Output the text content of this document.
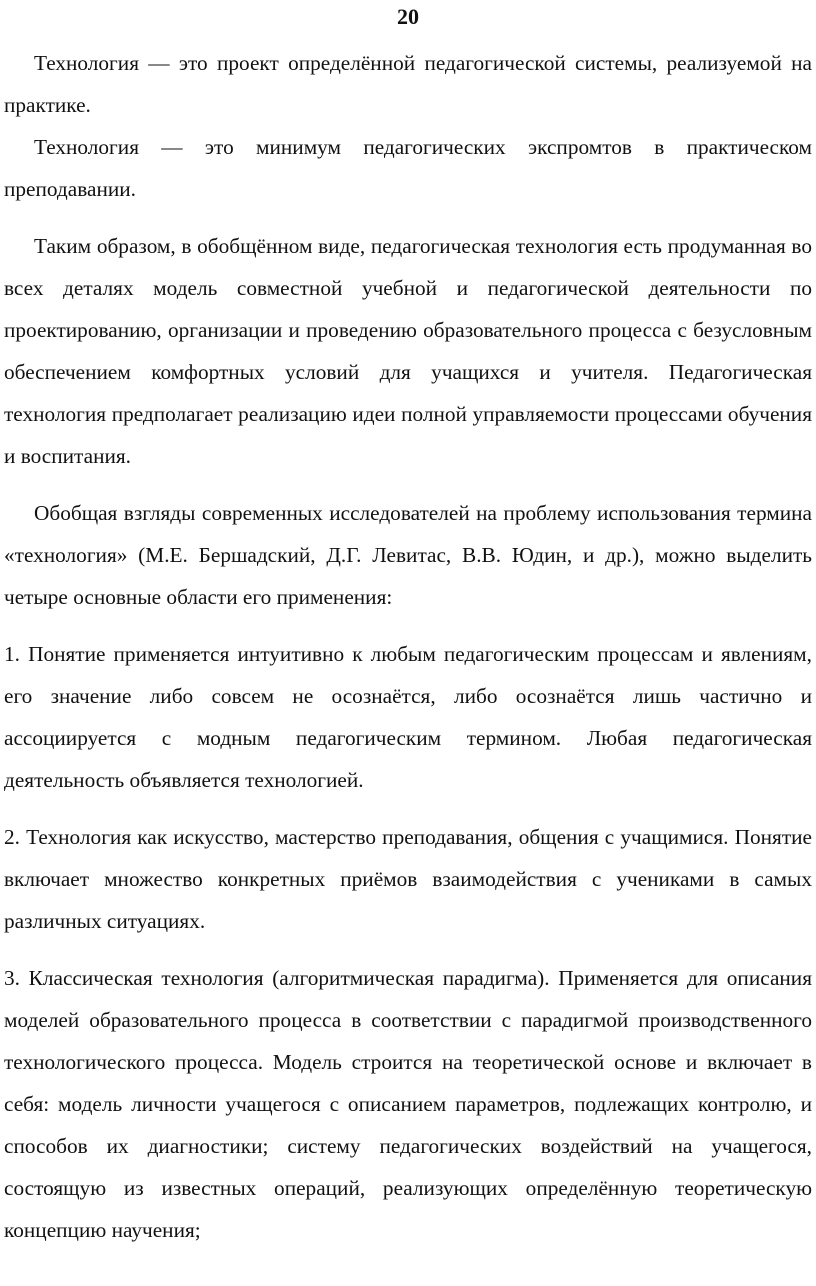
20

Технология — это проект определённой педагогической системы, реализуемой на практике.

Технология — это минимум педагогических экспромтов в практическом преподавании.

Таким образом, в обобщённом виде, педагогическая технология есть продуманная во всех деталях модель совместной учебной и педагогической деятельности по проектированию, организации и проведению образовательного процесса с безусловным обеспечением комфортных условий для учащихся и учителя. Педагогическая технология предполагает реализацию идеи полной управляемости процессами обучения и воспитания.

Обобщая взгляды современных исследователей на проблему использования термина «технология» (М.Е. Бершадский, Д.Г. Левитас, В.В. Юдин, и др.), можно выделить четыре основные области его применения:

1. Понятие применяется интуитивно к любым педагогическим процессам и явлениям, его значение либо совсем не осознаётся, либо осознаётся лишь частично и ассоциируется с модным педагогическим термином. Любая педагогическая деятельность объявляется технологией.

2. Технология как искусство, мастерство преподавания, общения с учащимися. Понятие включает множество конкретных приёмов взаимодействия с учениками в самых различных ситуациях.

3. Классическая технология (алгоритмическая парадигма). Применяется для описания моделей образовательного процесса в соответствии с парадигмой производственного технологического процесса. Модель строится на теоретической основе и включает в себя: модель личности учащегося с описанием параметров, подлежащих контролю, и способов их диагностики; систему педагогических воздействий на учащегося, состоящую из известных операций, реализующих определённую теоретическую концепцию научения;
